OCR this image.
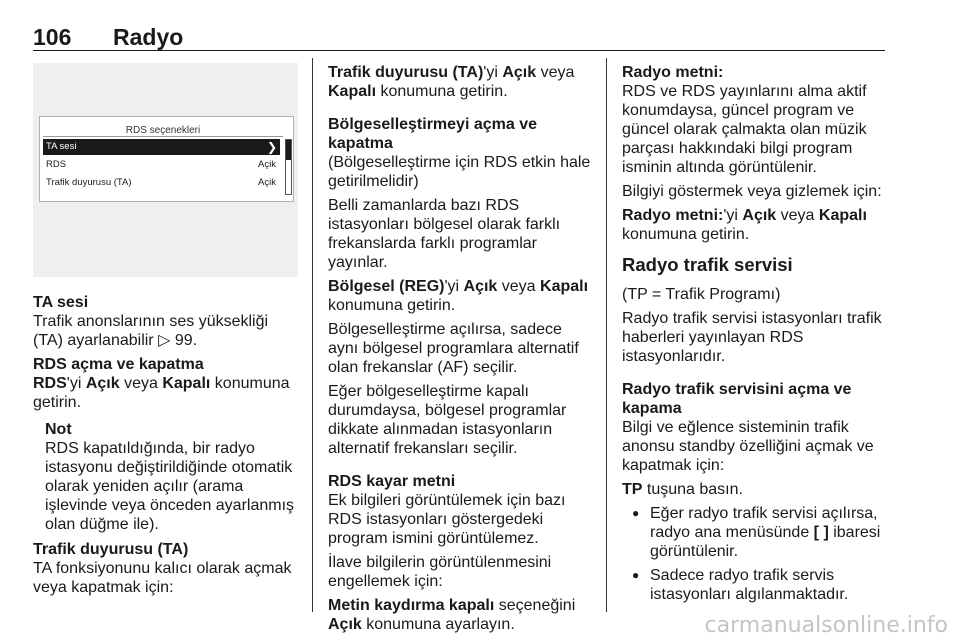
106 Radyo
RDS seçenekleri
TA sesi	❯
RDS	Açik
Trafik duyurusu (TA)	Açik
TA sesi

Trafik anonslarının ses yüksekliği (TA) ayarlanabilir ▷ 99.

RDS açma ve kapatma

RDS'yi Açık veya Kapalı konumuna getirin.

Not
RDS kapatıldığında, bir radyo istasyonu değiştirildiğinde otomatik olarak yeniden açılır (arama işlevinde veya önceden ayarlanmış olan düğme ile).
Trafik duyurusu (TA)

TA fonksiyonunu kalıcı olarak açmak veya kapatmak için:

Trafik duyurusu (TA)'yi Açık veya
Kapalı konumuna getirin.

Bölgeselleştirmeyi açma ve kapatma

(Bölgeselleştirme için RDS etkin hale getirilmelidir)

Belli zamanlarda bazı RDS istasyonları bölgesel olarak farklı frekanslarda farklı programlar yayınlar.

Bölgesel (REG)'yi Açık veya Kapalı konumuna getirin.

Bölgeselleştirme açılırsa, sadece aynı bölgesel programlara alternatif olan frekanslar (AF) seçilir.

Eğer bölgeselleştirme kapalı durumdaysa, bölgesel programlar dikkate alınmadan istasyonların alternatif frekansları seçilir.

RDS kayar metni

Ek bilgileri görüntülemek için bazı RDS istasyonları göstergedeki program ismini görüntülemez.

İlave bilgilerin görüntülenmesini engellemek için:

Metin kaydırma kapalı seçeneğini
Açık konumuna ayarlayın.

Radyo metni:

RDS ve RDS yayınlarını alma aktif konumdaysa, güncel program ve güncel olarak çalmakta olan müzik parçası hakkındaki bilgi program isminin altında görüntülenir.

Bilgiyi göstermek veya gizlemek için:

Radyo metni:'yi Açık veya Kapalı konumuna getirin.

Radyo trafik servisi

(TP = Trafik Programı)

Radyo trafik servisi istasyonları trafik haberleri yayınlayan RDS istasyonlarıdır.

Radyo trafik servisini açma ve kapama

Bilgi ve eğlence sisteminin trafik anonsu standby özelliğini açmak ve kapatmak için:

TP tuşuna basın.

● Eğer radyo trafik servisi açılırsa, radyo ana menüsünde [ ] ibaresi görüntülenir.
● Sadece radyo trafik servis istasyonları algılanmaktadır.
carmanualsonline.info
